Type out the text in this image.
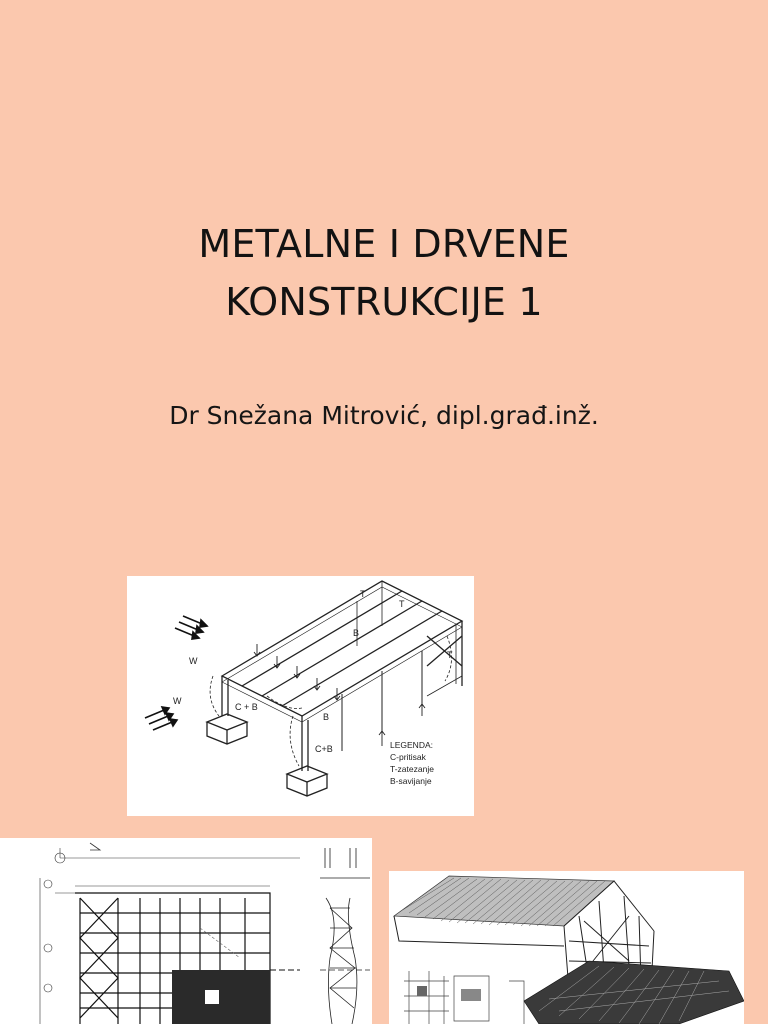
METALNE I DRVENE
KONSTRUKCIJE 1
Dr Snežana Mitrović, dipl.građ.inž.
W
W
C + B
C+B
B
B
T
T
T
LEGENDA:
C-pritisak
T-zatezanje
B-savijanje
